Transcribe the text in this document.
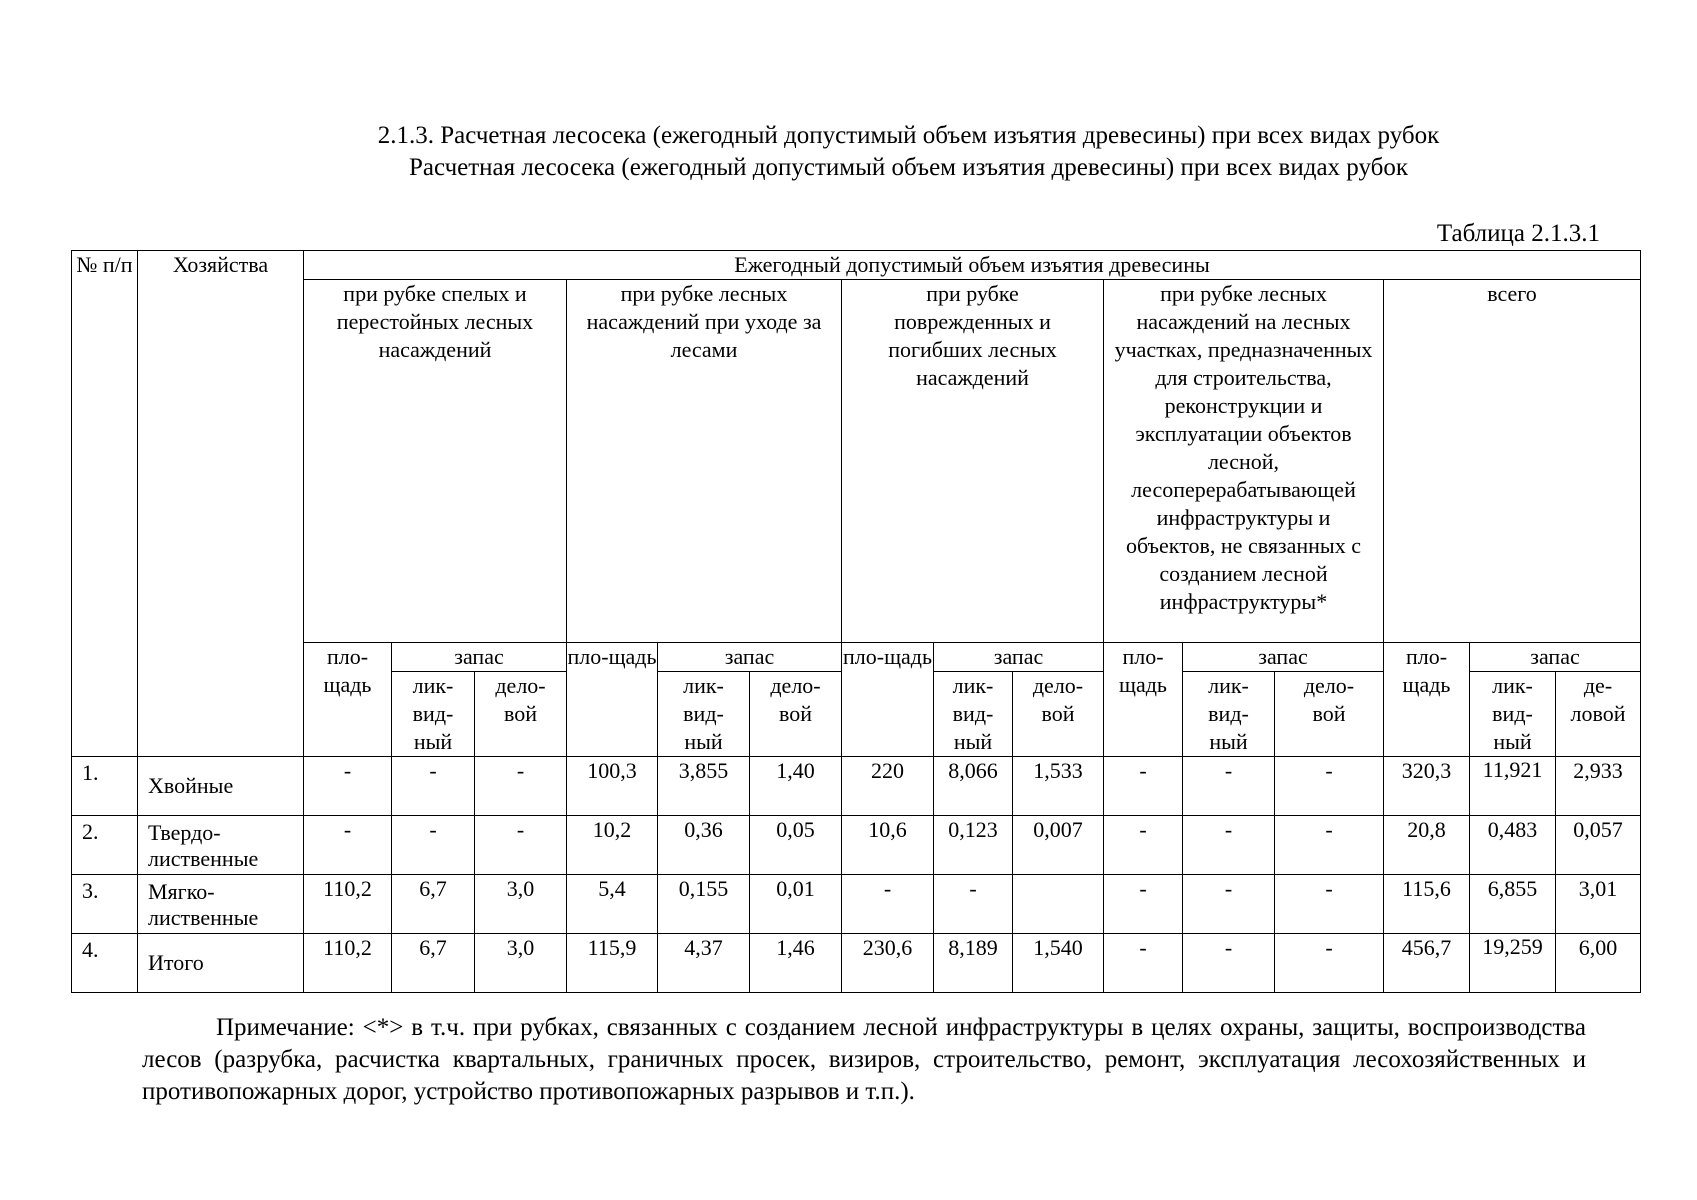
2.1.3. Расчетная лесосека (ежегодный допустимый объем изъятия древесины) при всех видах рубок
Расчетная лесосека (ежегодный допустимый объем изъятия древесины) при всех видах рубок
Таблица 2.1.3.1
№ п/п	Хозяйства	Ежегодный допустимый объем изъятия древесины														

		при рубке спелых и перестойных лесных насаждений			при рубке лесных насаждений при уходе за лесами			при рубке поврежденных и погибших лесных насаждений			при рубке лесных насаждений на лесных участках, предназначенных для строительства, реконструкции и эксплуатации объектов лесной, лесоперерабатывающей инфраструктуры и объектов, не связанных с созданием лесной инфраструктуры*			всего		

		пло-щадь	запас		пло-щадь	запас		пло-щадь	запас		пло-щадь	запас		пло-щадь	запас	

			лик-вид-ный	дело-вой		лик-вид-ный	дело-вой		лик-вид-ный	дело-вой		лик-вид-ный	дело-вой		лик-вид-ный	де-ловой

1.	Хвойные	-	-	-	100,3	3,855	1,40	220	8,066	1,533	-	-	-	320,3	11,921	2,933
2.	Твердо-лиственные	-	-	-	10,2	0,36	0,05	10,6	0,123	0,007	-	-	-	20,8	0,483	0,057
3.	Мягко-лиственные	110,2	6,7	3,0	5,4	0,155	0,01	-	-		-	-	-	115,6	6,855	3,01
4.	Итого	110,2	6,7	3,0	115,9	4,37	1,46	230,6	8,189	1,540	-	-	-	456,7	19,259	6,00
Примечание: <*> в т.ч. при рубках, связанных с созданием лесной инфраструктуры в целях охраны, защиты, воспроизводства лесов (разрубка, расчистка квартальных, граничных просек, визиров, строительство, ремонт, эксплуатация лесохозяйственных и противопожарных дорог, устройство противопожарных разрывов и т.п.).
